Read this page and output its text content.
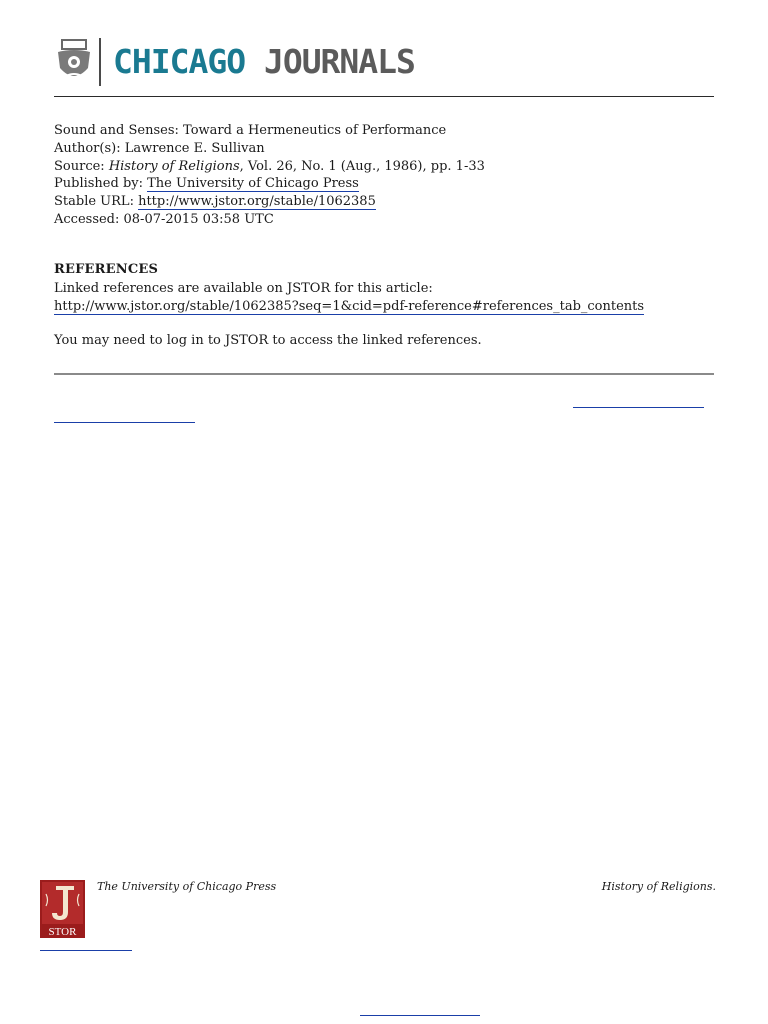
CHICAGO JOURNALS
Sound and Senses: Toward a Hermeneutics of Performance
Author(s): Lawrence E. Sullivan
Source: History of Religions, Vol. 26, No. 1 (Aug., 1986), pp. 1-33
Published by: The University of Chicago Press
Stable URL: http://www.jstor.org/stable/1062385
Accessed: 08-07-2015 03:58 UTC
REFERENCES
Linked references are available on JSTOR for this article:
http://www.jstor.org/stable/1062385?seq=1&cid=pdf-reference#references_tab_contents
You may need to log in to JSTOR to access the linked references.
STOR
The University of Chicago Press	History of Religions.
